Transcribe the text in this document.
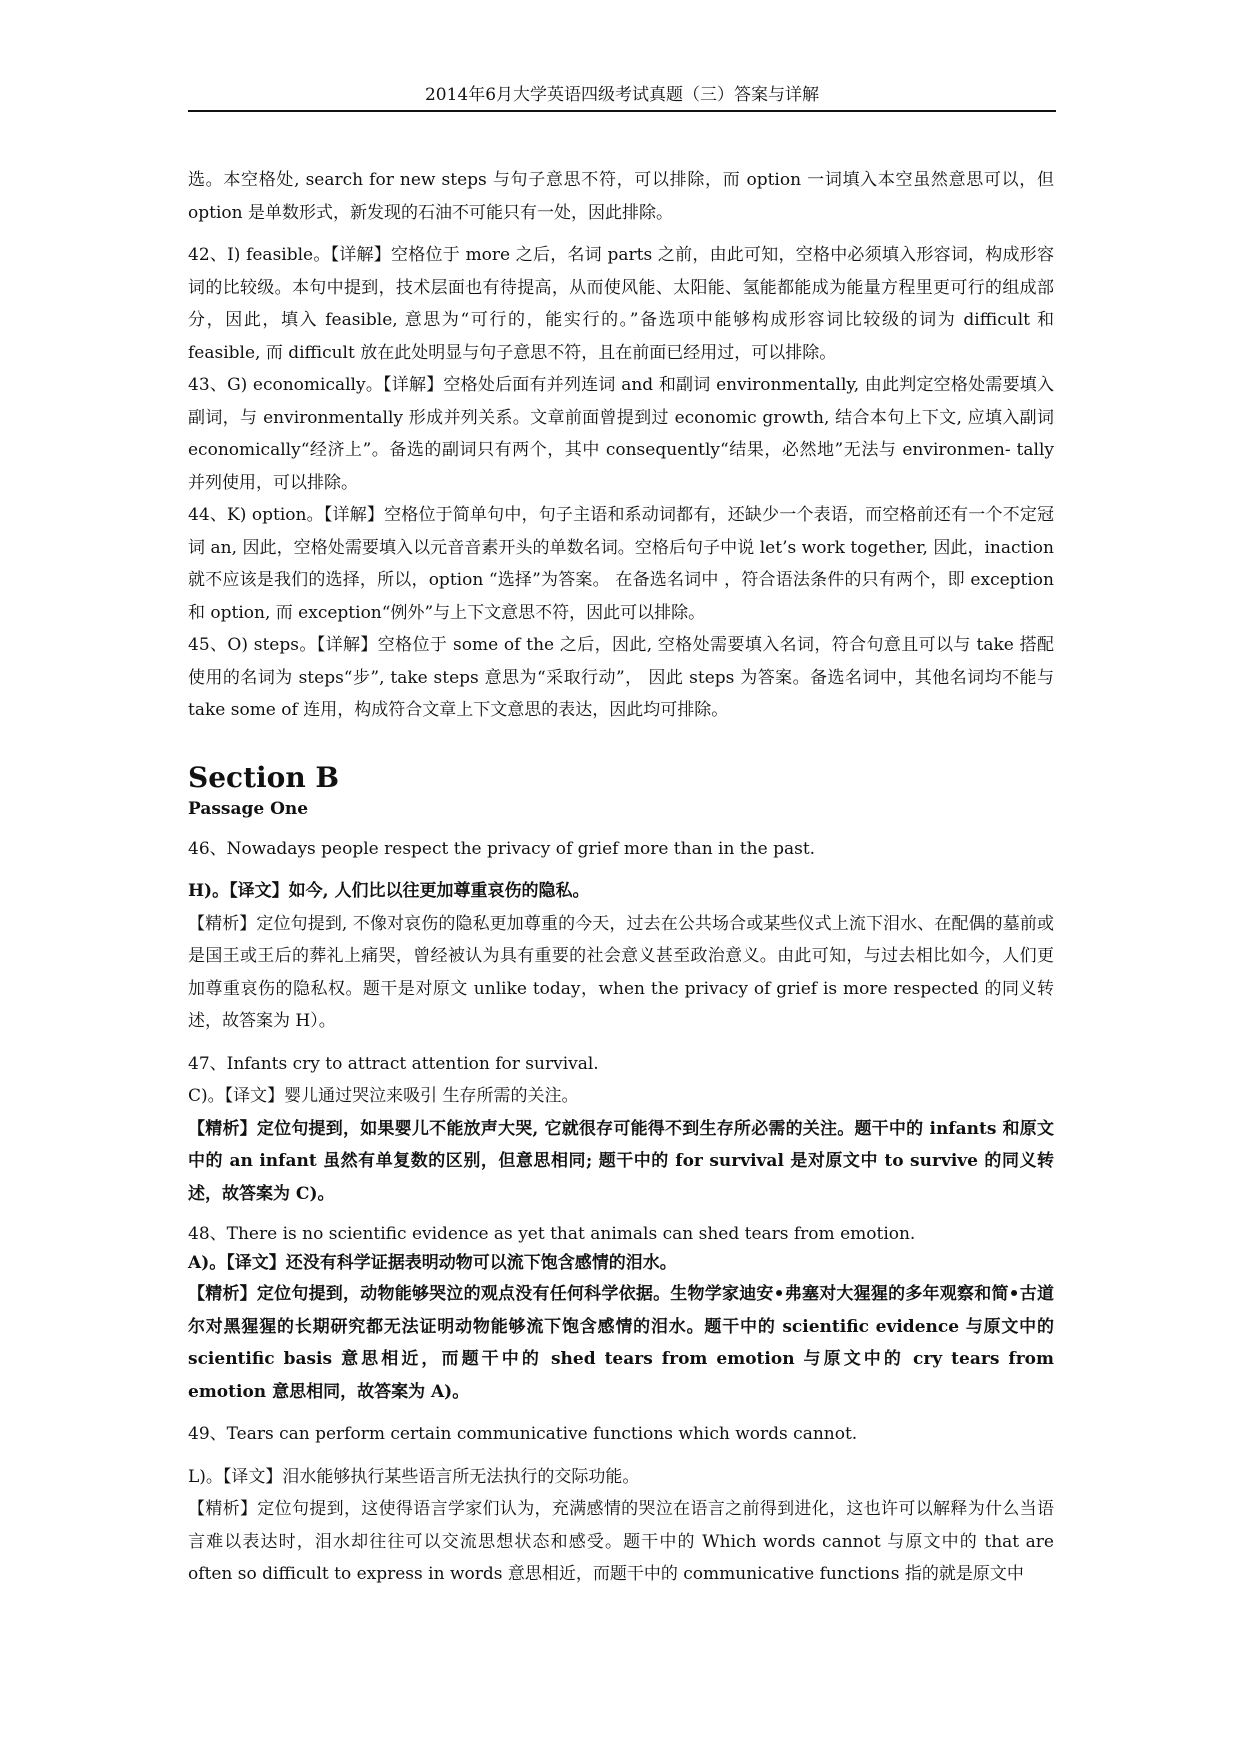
2014年6月大学英语四级考试真题（三）答案与详解

选。本空格处, search for new steps 与句子意思不符，可以排除，而 option 一词填入本空虽然意思可以，但 option 是单数形式，新发现的石油不可能只有一处，因此排除。

42、I) feasible。【详解】空格位于 more 之后，名词 parts 之前，由此可知，空格中必须填入形容词，构成形容词的比较级。本句中提到，技术层面也有待提高，从而使风能、太阳能、氢能都能成为能量方程里更可行的组成部分，因此，填入 feasible, 意思为“可行的，能实行的。”备选项中能够构成形容词比较级的词为 difficult 和 feasible, 而 difficult 放在此处明显与句子意思不符，且在前面已经用过，可以排除。

43、G) economically。【详解】空格处后面有并列连词 and 和副词 environmentally, 由此判定空格处需要填入副词，与 environmentally 形成并列关系。文章前面曾提到过 economic growth, 结合本句上下文, 应填入副词 economically“经济上”。备选的副词只有两个，其中 consequently“结果，必然地”无法与 environmen- tally 并列使用，可以排除。

44、K) option。【详解】空格位于简单句中，句子主语和系动词都有，还缺少一个表语，而空格前还有一个不定冠词 an, 因此，空格处需要填入以元音音素开头的单数名词。空格后句子中说 let’s work together, 因此，inaction 就不应该是我们的选择，所以，option “选择”为答案。 在备选名词中 ，符合语法条件的只有两个，即 exception 和 option, 而 exception“例外”与上下文意思不符，因此可以排除。

45、O) steps。【详解】空格位于 some of the 之后，因此, 空格处需要填入名词，符合句意且可以与 take 搭配使用的名词为 steps“步”, take steps 意思为“采取行动”， 因此 steps 为答案。备选名词中，其他名词均不能与 take some of 连用，构成符合文章上下文意思的表达，因此均可排除。

Section B
Passage One

46、Nowadays people respect the privacy of grief more than in the past.

H)。【译文】如今, 人们比以往更加尊重哀伤的隐私。

【精析】定位句提到, 不像对哀伤的隐私更加尊重的今天，过去在公共场合或某些仪式上流下泪水、在配偶的墓前或是国王或王后的葬礼上痛哭，曾经被认为具有重要的社会意义甚至政治意义。由此可知，与过去相比如今，人们更加尊重哀伤的隐私权。题干是对原文 unlike today，when the privacy of grief is more respected 的同义转述，故答案为 H）。

47、Infants cry to attract attention for survival.

C)。【译文】婴儿通过哭泣来吸引 生存所需的关注。

【精析】定位句提到，如果婴儿不能放声大哭, 它就很存可能得不到生存所必需的关注。题干中的 infants 和原文中的 an infant 虽然有单复数的区别，但意思相同; 题干中的 for survival 是对原文中 to survive 的同义转述，故答案为 C)。

48、There is no scientific evidence as yet that animals can shed tears from emotion.

A)。【译文】还没有科学证据表明动物可以流下饱含感情的泪水。

【精析】定位句提到，动物能够哭泣的观点没有任何科学依据。生物学家迪安•弗塞对大猩猩的多年观察和简•古道尔对黑猩猩的长期研究都无法证明动物能够流下饱含感情的泪水。题干中的 scientific evidence 与原文中的 scientific basis 意思相近，而题干中的 shed tears from emotion 与原文中的 cry tears from emotion 意思相同，故答案为 A)。

49、Tears can perform certain communicative functions which words cannot.

L)。【译文】泪水能够执行某些语言所无法执行的交际功能。

【精析】定位句提到，这使得语言学家们认为，充满感情的哭泣在语言之前得到进化，这也许可以解释为什么当语言难以表达时，泪水却往往可以交流思想状态和感受。题干中的 Which words cannot 与原文中的 that are often so difficult to express in words 意思相近，而题干中的 communicative functions 指的就是原文中
